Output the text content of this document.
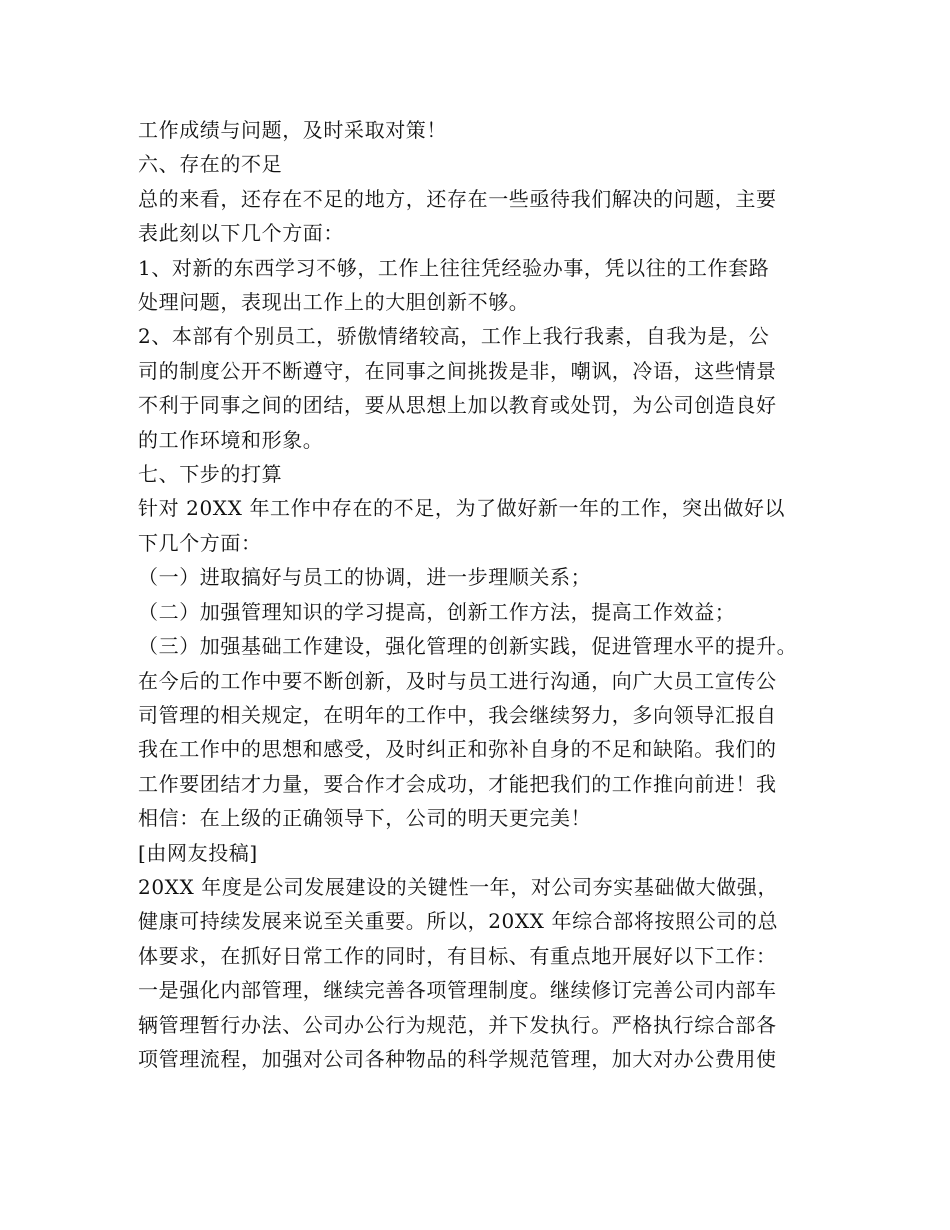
工作成绩与问题，及时采取对策！
六、存在的不足
总的来看，还存在不足的地方，还存在一些亟待我们解决的问题，主要
表此刻以下几个方面：
1、对新的东西学习不够，工作上往往凭经验办事，凭以往的工作套路
处理问题，表现出工作上的大胆创新不够。
2、本部有个别员工，骄傲情绪较高，工作上我行我素，自我为是，公
司的制度公开不断遵守，在同事之间挑拨是非，嘲讽，冷语，这些情景
不利于同事之间的团结，要从思想上加以教育或处罚，为公司创造良好
的工作环境和形象。
七、下步的打算
针对 20XX 年工作中存在的不足，为了做好新一年的工作，突出做好以
下几个方面：
（一）进取搞好与员工的协调，进一步理顺关系；
（二）加强管理知识的学习提高，创新工作方法，提高工作效益；
（三）加强基础工作建设，强化管理的创新实践，促进管理水平的提升。
在今后的工作中要不断创新，及时与员工进行沟通，向广大员工宣传公
司管理的相关规定，在明年的工作中，我会继续努力，多向领导汇报自
我在工作中的思想和感受，及时纠正和弥补自身的不足和缺陷。我们的
工作要团结才力量，要合作才会成功，才能把我们的工作推向前进！我
相信：在上级的正确领导下，公司的明天更完美！
[由网友投稿]
20XX 年度是公司发展建设的关键性一年，对公司夯实基础做大做强，
健康可持续发展来说至关重要。所以，20XX 年综合部将按照公司的总
体要求，在抓好日常工作的同时，有目标、有重点地开展好以下工作：
一是强化内部管理，继续完善各项管理制度。继续修订完善公司内部车
辆管理暂行办法、公司办公行为规范，并下发执行。严格执行综合部各
项管理流程，加强对公司各种物品的科学规范管理，加大对办公费用使
